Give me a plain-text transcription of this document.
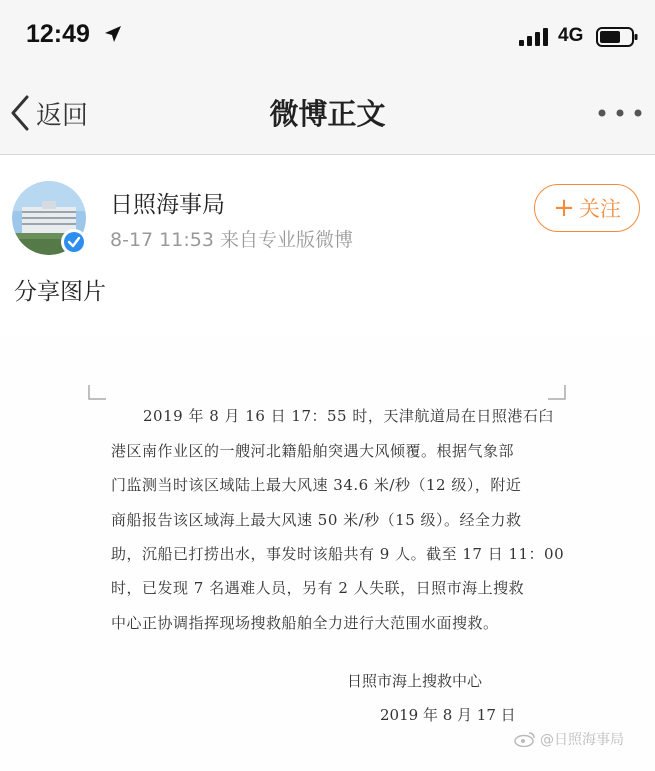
12:49	4G
返回	微博正文
日照海事局
8-17 11:53 来自专业版微博
+ 关注
分享图片
2019 年 8 月 16 日 17：55 时，天津航道局在日照港石臼
港区南作业区的一艘河北籍船舶突遇大风倾覆。根据气象部
门监测当时该区域陆上最大风速 34.6 米/秒（12 级），附近
商船报告该区域海上最大风速 50 米/秒（15 级）。经全力救
助，沉船已打捞出水，事发时该船共有 9 人。截至 17 日 11：00
时，已发现 7 名遇难人员，另有 2 人失联，日照市海上搜救
中心正协调指挥现场搜救船舶全力进行大范围水面搜救。
日照市海上搜救中心
2019 年 8 月 17 日
@日照海事局
